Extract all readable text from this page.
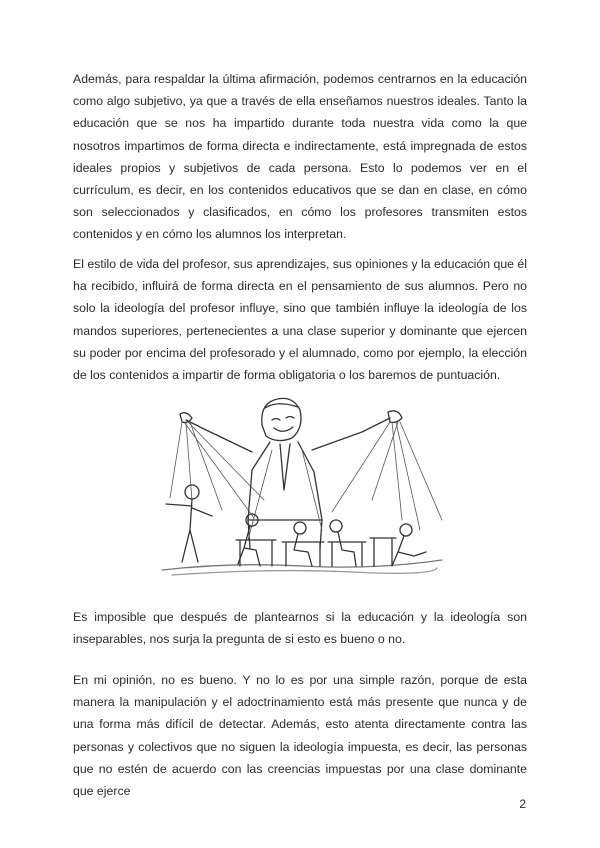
Además, para respaldar la última afirmación, podemos centrarnos en la educación como algo subjetivo, ya que a través de ella enseñamos nuestros ideales. Tanto la educación que se nos ha impartido durante toda nuestra vida como la que nosotros impartimos de forma directa e indirectamente, está impregnada de estos ideales propios y subjetivos de cada persona. Esto lo podemos ver en el currículum, es decir, en los contenidos educativos que se dan en clase, en cómo son seleccionados y clasificados, en cómo los profesores transmiten estos contenidos y en cómo los alumnos los interpretan.

El estilo de vida del profesor, sus aprendizajes, sus opiniones y la educación que él ha recibido, influirá de forma directa en el pensamiento de sus alumnos. Pero no solo la ideología del profesor influye, sino que también influye la ideología de los mandos superiores, pertenecientes a una clase superior y dominante que ejercen su poder por encima del profesorado y el alumnado, como por ejemplo, la elección de los contenidos a impartir de forma obligatoria o los baremos de puntuación.

Es imposible que después de plantearnos si la educación y la ideología son inseparables, nos surja la pregunta de si esto es bueno o no.

En mi opinión, no es bueno. Y no lo es por una simple razón, porque de esta manera la manipulación y el adoctrinamiento está más presente que nunca y de una forma más difícil de detectar. Además, esto atenta directamente contra las personas y colectivos que no siguen la ideología impuesta, es decir, las personas que no estén de acuerdo con las creencias impuestas por una clase dominante que ejerce

2
